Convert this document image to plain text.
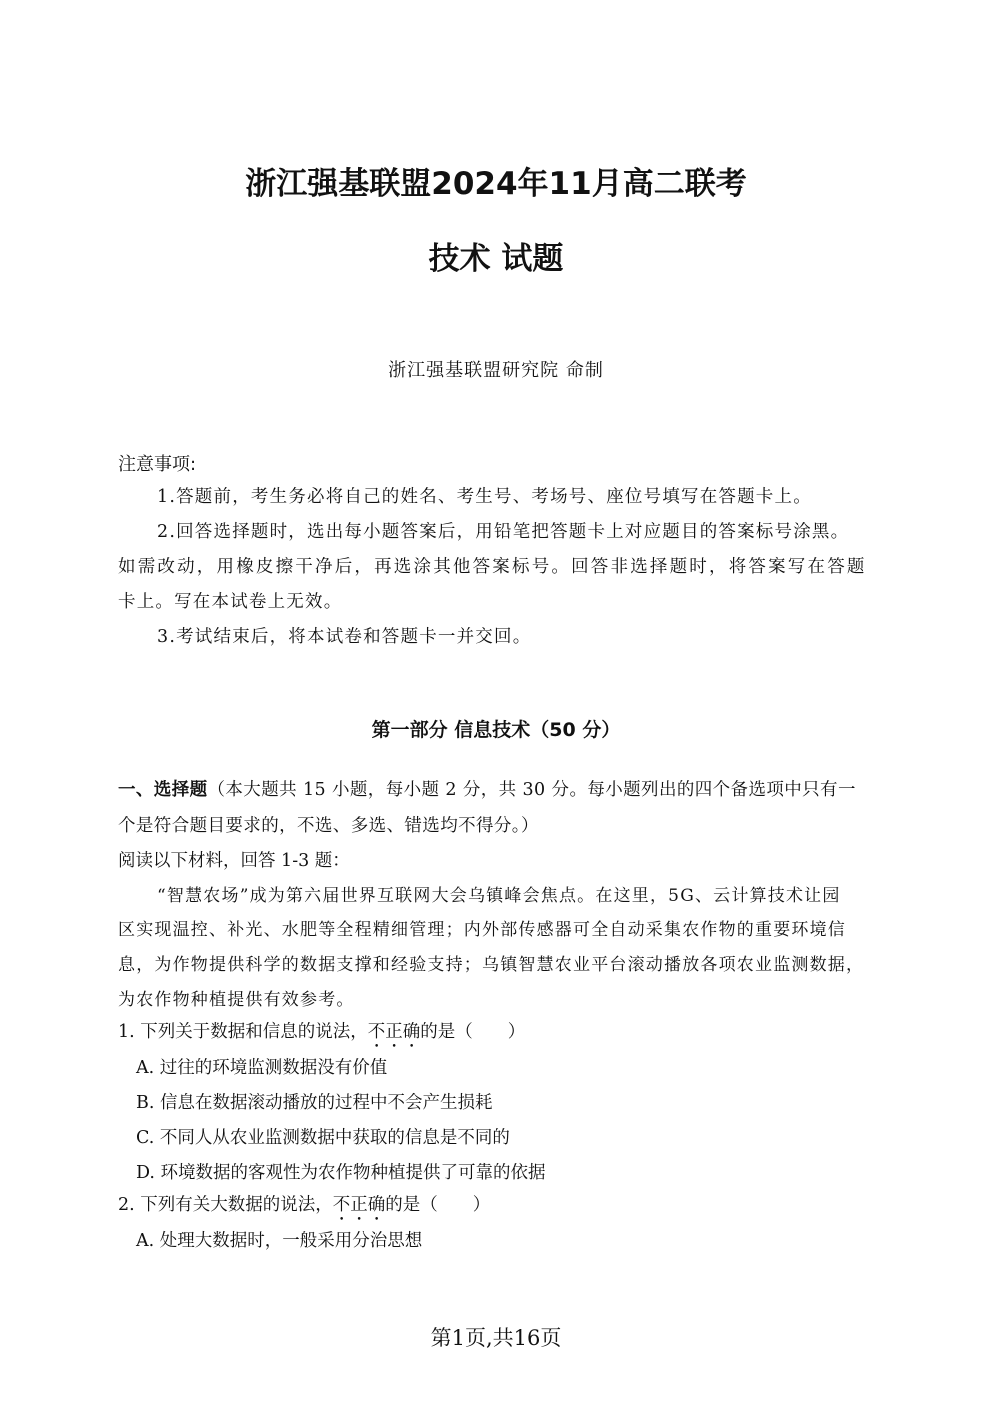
浙江强基联盟2024年11月高二联考
技术 试题
浙江强基联盟研究院 命制
注意事项:
1.答题前，考生务必将自己的姓名、考生号、考场号、座位号填写在答题卡上。
2.回答选择题时，选出每小题答案后，用铅笔把答题卡上对应题目的答案标号涂黑。
如需改动，用橡皮擦干净后，再选涂其他答案标号。回答非选择题时，将答案写在答题
卡上。写在本试卷上无效。
3.考试结束后，将本试卷和答题卡一并交回。
第一部分 信息技术（50 分）
一、选择题（本大题共 15 小题，每小题 2 分，共 30 分。每小题列出的四个备选项中只有一
个是符合题目要求的，不选、多选、错选均不得分。）
阅读以下材料，回答 1-3 题：
“智慧农场”成为第六届世界互联网大会乌镇峰会焦点。在这里，5G、云计算技术让园
区实现温控、补光、水肥等全程精细管理；内外部传感器可全自动采集农作物的重要环境信
息，为作物提供科学的数据支撑和经验支持；乌镇智慧农业平台滚动播放各项农业监测数据，
为农作物种植提供有效参考。
1. 下列关于数据和信息的说法，不正确的是（　　）
A. 过往的环境监测数据没有价值
B. 信息在数据滚动播放的过程中不会产生损耗
C. 不同人从农业监测数据中获取的信息是不同的
D. 环境数据的客观性为农作物种植提供了可靠的依据
2. 下列有关大数据的说法，不正确的是（　　）
A. 处理大数据时，一般采用分治思想
第1页,共16页
